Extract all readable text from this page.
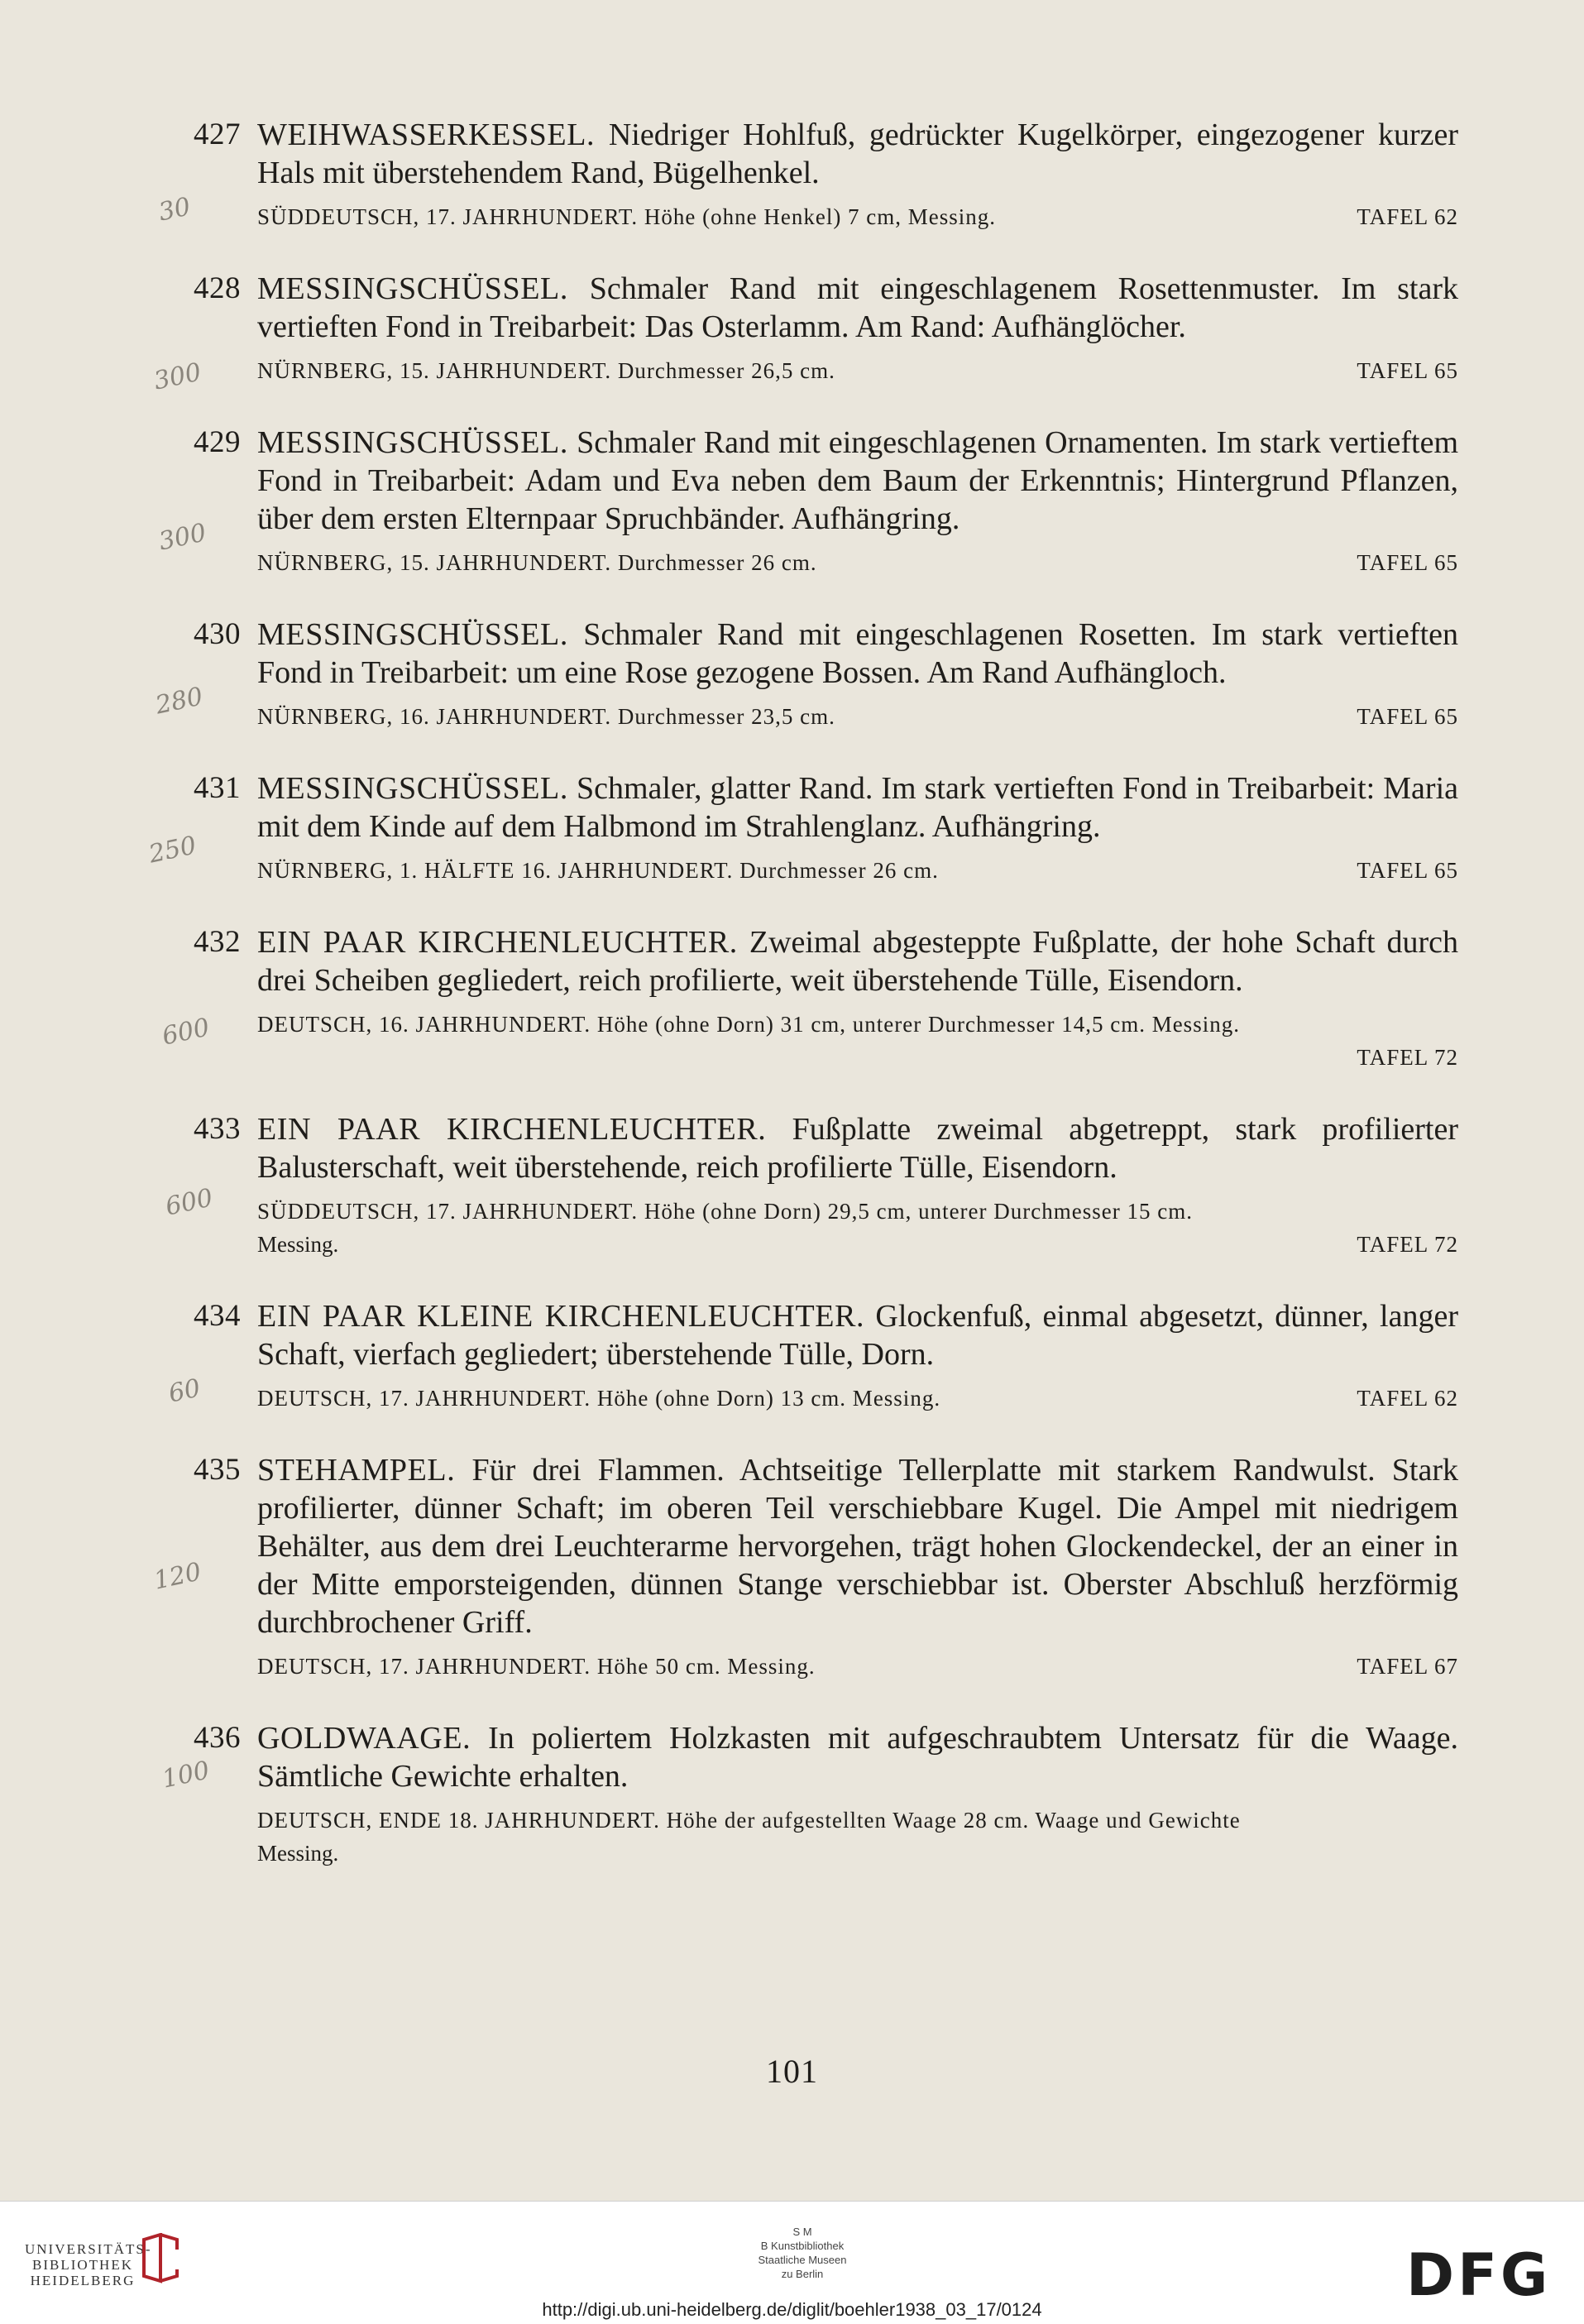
427 WEIHWASSERKESSEL. Niedriger Hohlfuß, gedrückter Kugelkörper, eingezogener kurzer Hals mit überstehendem Rand, Bügelhenkel.
SÜDDEUTSCH, 17. JAHRHUNDERT. Höhe (ohne Henkel) 7 cm, Messing.	TAFEL 62
30
428 MESSINGSCHÜSSEL. Schmaler Rand mit eingeschlagenem Rosettenmuster. Im stark vertieften Fond in Treibarbeit: Das Osterlamm. Am Rand: Aufhänglöcher.
NÜRNBERG, 15. JAHRHUNDERT. Durchmesser 26,5 cm.	TAFEL 65
300
429 MESSINGSCHÜSSEL. Schmaler Rand mit eingeschlagenen Ornamenten. Im stark vertieftem Fond in Treibarbeit: Adam und Eva neben dem Baum der Erkenntnis; Hintergrund Pflanzen, über dem ersten Elternpaar Spruchbänder. Aufhängring.
NÜRNBERG, 15. JAHRHUNDERT. Durchmesser 26 cm.	TAFEL 65
300
430 MESSINGSCHÜSSEL. Schmaler Rand mit eingeschlagenen Rosetten. Im stark vertieften Fond in Treibarbeit: um eine Rose gezogene Bossen. Am Rand Aufhängloch.
NÜRNBERG, 16. JAHRHUNDERT. Durchmesser 23,5 cm.	TAFEL 65
280
431 MESSINGSCHÜSSEL. Schmaler, glatter Rand. Im stark vertieften Fond in Treibarbeit: Maria mit dem Kinde auf dem Halbmond im Strahlenglanz. Aufhängring.
NÜRNBERG, 1. HÄLFTE 16. JAHRHUNDERT. Durchmesser 26 cm.	TAFEL 65
250
432 EIN PAAR KIRCHENLEUCHTER. Zweimal abgesteppte Fußplatte, der hohe Schaft durch drei Scheiben gegliedert, reich profilierte, weit überstehende Tülle, Eisendorn.
DEUTSCH, 16. JAHRHUNDERT. Höhe (ohne Dorn) 31 cm, unterer Durchmesser 14,5 cm. Messing.
TAFEL 72
600
433 EIN PAAR KIRCHENLEUCHTER. Fußplatte zweimal abgetreppt, stark profilierter Balusterschaft, weit überstehende, reich profilierte Tülle, Eisendorn.
SÜDDEUTSCH, 17. JAHRHUNDERT. Höhe (ohne Dorn) 29,5 cm, unterer Durchmesser 15 cm.
Messing.	TAFEL 72
600
434 EIN PAAR KLEINE KIRCHENLEUCHTER. Glockenfuß, einmal abgesetzt, dünner, langer Schaft, vierfach gegliedert; überstehende Tülle, Dorn.
DEUTSCH, 17. JAHRHUNDERT. Höhe (ohne Dorn) 13 cm. Messing.	TAFEL 62
60
435 STEHAMPEL. Für drei Flammen. Achtseitige Tellerplatte mit starkem Randwulst. Stark profilierter, dünner Schaft; im oberen Teil verschiebbare Kugel. Die Ampel mit niedrigem Behälter, aus dem drei Leuchterarme hervorgehen, trägt hohen Glockendeckel, der an einer in der Mitte emporsteigenden, dünnen Stange verschiebbar ist. Oberster Abschluß herzförmig durchbrochener Griff.
DEUTSCH, 17. JAHRHUNDERT. Höhe 50 cm. Messing.	TAFEL 67
120
436 GOLDWAAGE. In poliertem Holzkasten mit aufgeschraubtem Untersatz für die Waage. Sämtliche Gewichte erhalten.
DEUTSCH, ENDE 18. JAHRHUNDERT. Höhe der aufgestellten Waage 28 cm. Waage und Gewichte
Messing.
100
101
UNIVERSITÄTS-
BIBLIOTHEK
HEIDELBERG
S M
B Kunstbibliothek
Staatliche Museen
zu Berlin	DFG
http://digi.ub.uni-heidelberg.de/diglit/boehler1938_03_17/0124
